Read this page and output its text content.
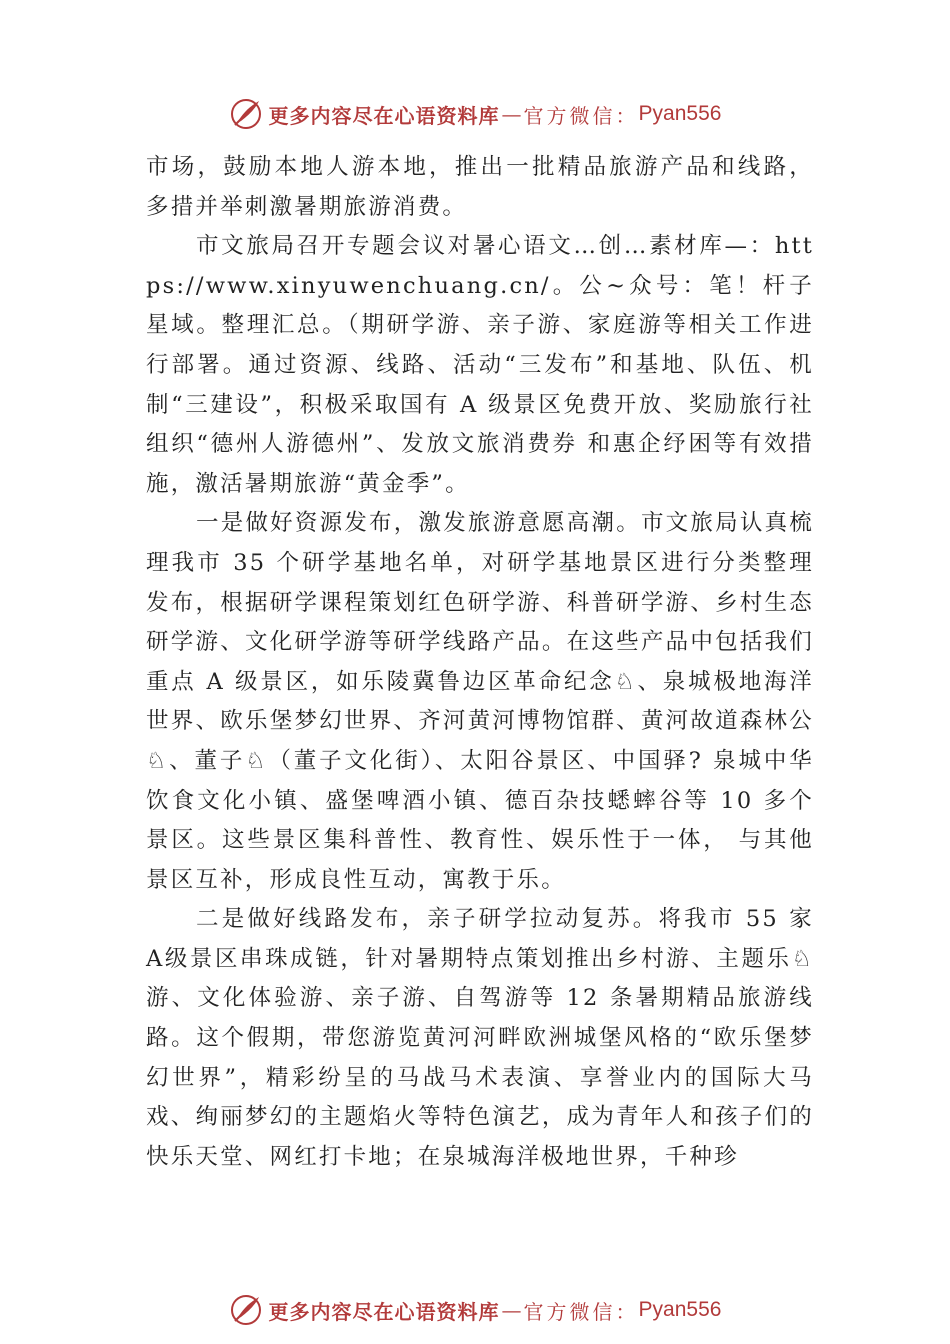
更多内容尽在心语资料库 — 官方微信： Pyan556

市场，鼓励本地人游本地，推出一批精品旅游产品和线路， 多措并举刺激暑期旅游消费。

市文旅局召开专题会议对暑心语文…创…素材库—：https://www.xinyuwenchuang.cn/。公~众号：笔！杆子星域。整理汇总。（期研学游、亲子游、家庭游等相关工作进行部署。通过资源、线路、活动“三发布”和基地、队伍、机制“三建设”，积极采取国有 A 级景区免费开放、奖励旅行社组织“德州人游德州”、发放文旅消费券 和惠企纾困等有效措施，激活暑期旅游“黄金季”。

一是做好资源发布，激发旅游意愿高潮。市文旅局认真梳理我市 35 个研学基地名单，对研学基地景区进行分类整理发布，根据研学课程策划红色研学游、科普研学游、乡村生态研学游、文化研学游等研学线路产品。在这些产品中包括我们重点 A 级景区，如乐陵冀鲁边区革命纪念♘、泉城极地海洋世界、欧乐堡梦幻世界、齐河黄河博物馆群、黄河故道森林公♘、董子♘（董子文化街）、太阳谷景区、中国驿? 泉城中华饮食文化小镇、盛堡啤酒小镇、德百杂技蟋蟀谷等 10 多个景区。这些景区集科普性、教育性、娱乐性于一体， 与其他景区互补，形成良性互动，寓教于乐。

二是做好线路发布，亲子研学拉动复苏。将我市 55 家 A级景区串珠成链，针对暑期特点策划推出乡村游、主题乐♘游、文化体验游、亲子游、自驾游等 12 条暑期精品旅游线路。这个假期，带您游览黄河河畔欧洲城堡风格的“欧乐堡梦幻世界”，精彩纷呈的马战马术表演、享誉业内的国际大马戏、绚丽梦幻的主题焰火等特色演艺，成为青年人和孩子们的快乐天堂、网红打卡地；在泉城海洋极地世界，千种珍

更多内容尽在心语资料库 — 官方微信： Pyan556
